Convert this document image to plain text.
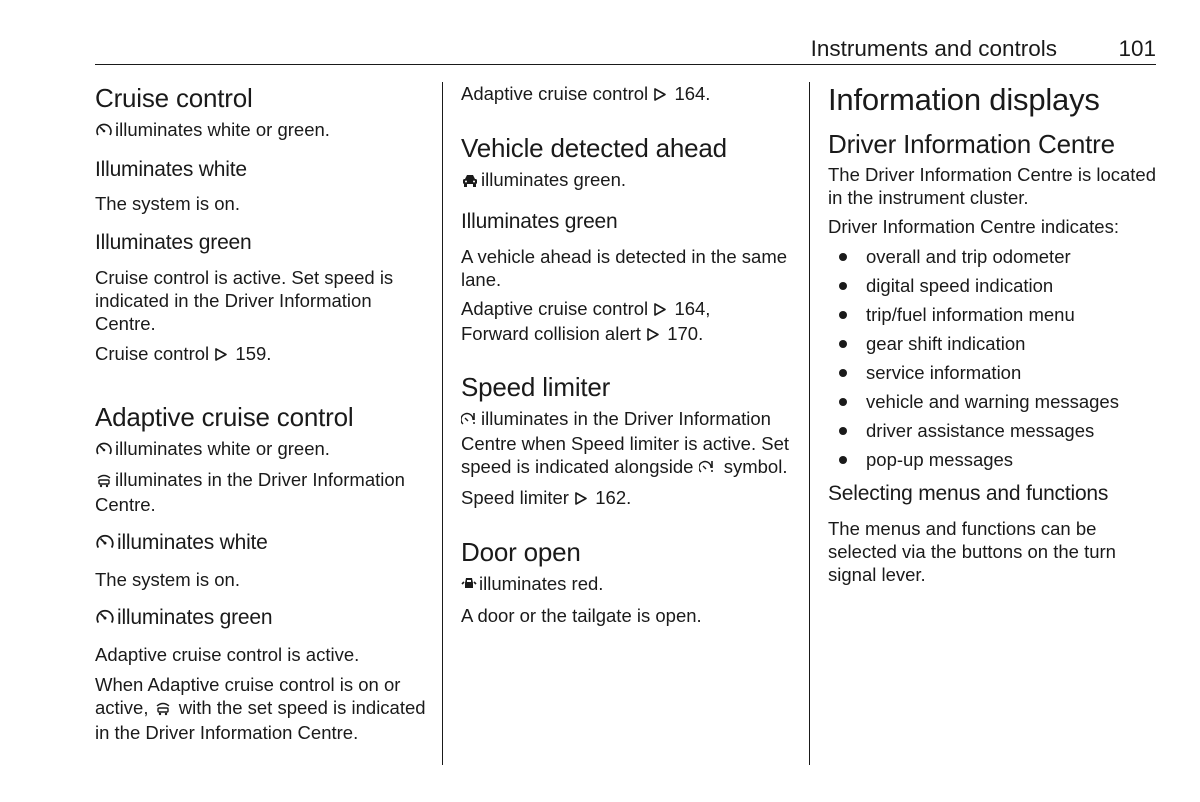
Instruments and controls	101
Cruise control

illuminates white or green.

Illuminates white

The system is on.

Illuminates green

Cruise control is active. Set speed is indicated in the Driver Information Centre.

Cruise control 159.

Adaptive cruise control

illuminates white or green.

illuminates in the Driver Information Centre.

illuminates white

The system is on.

illuminates green

Adaptive cruise control is active.

When Adaptive cruise control is on or active, with the set speed is indicated in the Driver Information Centre.

Adaptive cruise control 164.

Vehicle detected ahead

illuminates green.

Illuminates green

A vehicle ahead is detected in the same lane.

Adaptive cruise control 164,
Forward collision alert 170.

Speed limiter

illuminates in the Driver Information Centre when Speed limiter is active. Set speed is indicated alongside symbol.

Speed limiter 162.

Door open

illuminates red.

A door or the tailgate is open.

Information displays
Driver Information Centre

The Driver Information Centre is located in the instrument cluster.

Driver Information Centre indicates:

overall and trip odometer
digital speed indication
trip/fuel information menu
gear shift indication
service information
vehicle and warning messages
driver assistance messages
pop-up messages
Selecting menus and functions

The menus and functions can be selected via the buttons on the turn signal lever.
